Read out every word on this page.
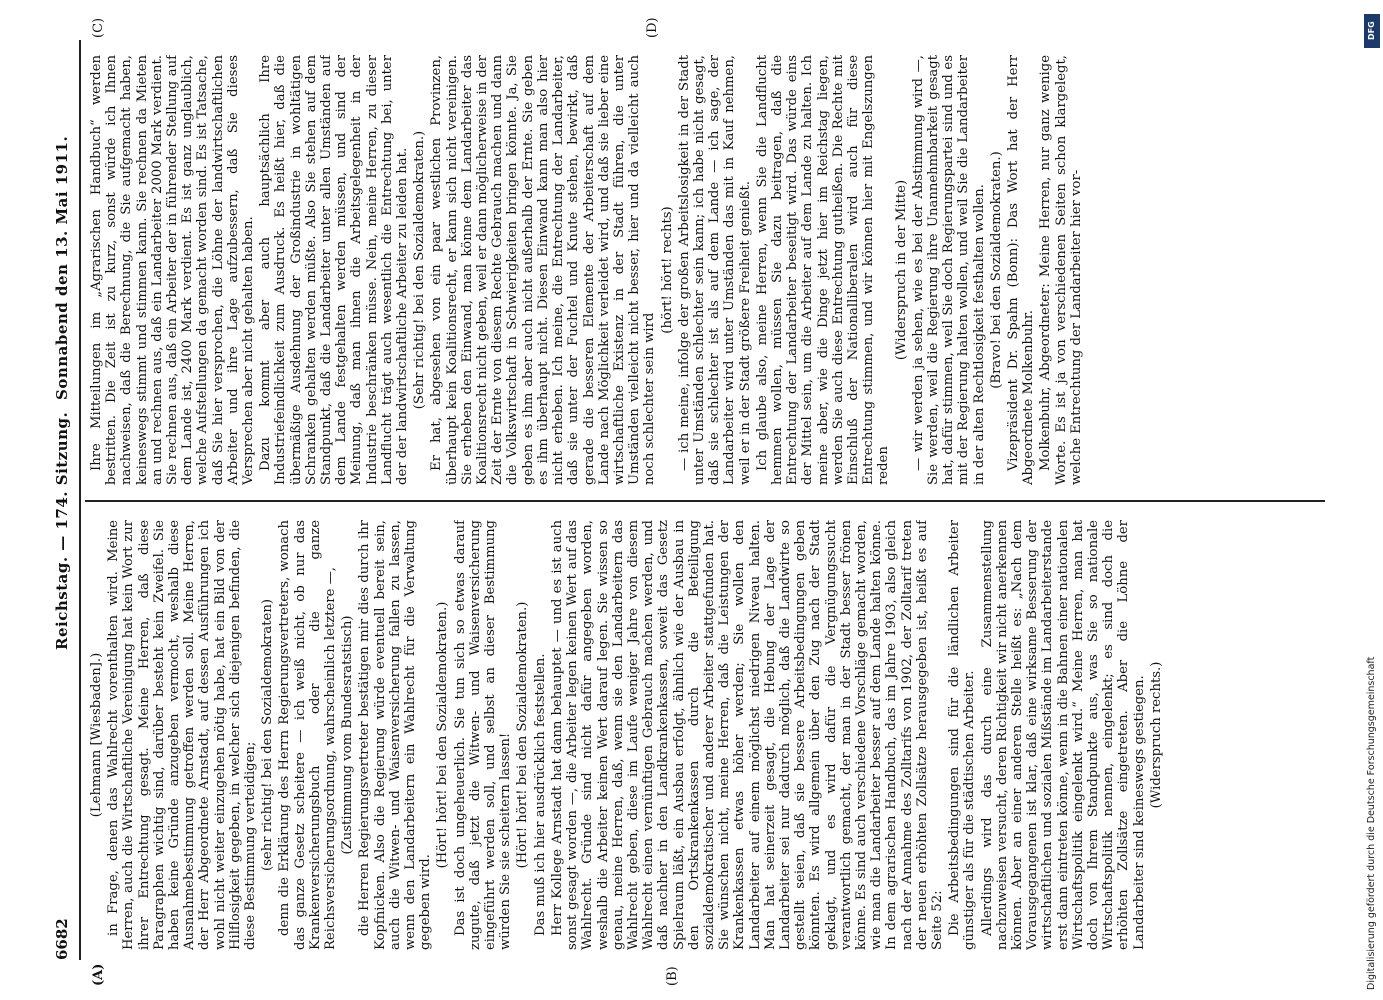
6682
Reichstag. — 174. Sitzung.
Sonnabend den 13. Mai 1911.
(A)	(B)
(C)	(D)

(Lehmann [Wiesbaden].) in Frage, denen das Wahlrecht vorenthalten wird. Meine Herren, auch die Wirtschaftliche Vereinigung hat kein Wort zur ihrer Entrechtung gesagt. Meine Herren, daß diese Paragraphen wichtig sind, darüber besteht kein Zweifel. Sie haben keine Gründe anzugeben vermocht, weshalb diese Ausnahmebestimmung getroffen werden soll. Meine Herren, der Herr Abgeordnete Arnstadt, auf dessen Ausführungen ich wohl nicht weiter einzugehen nötig habe, hat ein Bild von der Hilflosigkeit gegeben, in welcher sich diejenigen befinden, die diese Bestimmung verteidigen; (sehr richtig! bei den Sozialdemokraten) denn die Erklärung des Herrn Regierungsvertreters, wonach das ganze Gesetz scheitere — ich weiß nicht, ob nur das Krankenversicherungsbuch oder die ganze Reichsversicherungsordnung, wahrscheinlich letztere —, (Zustimmung vom Bundesratstisch) die Herren Regierungsvertreter bestätigen mir dies durch ihr Kopfnicken. Also die Regierung würde eventuell bereit sein, auch die Witwen- und Waisenversicherung fallen zu lassen, wenn den Landarbeitern ein Wahlrecht für die Verwaltung gegeben wird.

(Hört! hört! bei den Sozialdemokraten.) Das ist doch ungeheuerlich. Sie tun sich so etwas darauf zugute, daß jetzt die Witwen- und Waisenversicherung eingeführt werden soll, und selbst an dieser Bestimmung würden Sie sie scheitern lassen! (Hört! hört! bei den Sozialdemokraten.) Das muß ich hier ausdrücklich feststellen. Herr Kollege Arnstadt hat dann behauptet — und es ist auch sonst gesagt worden —, die Arbeiter legen keinen Wert auf das Wahlrecht. Gründe sind nicht dafür angegeben worden, weshalb die Arbeiter keinen Wert darauf legen. Sie wissen so genau, meine Herren, daß, wenn sie den Landarbeitern das Wahlrecht geben, diese im Laufe weniger Jahre von diesem Wahlrecht einen vernünftigen Gebrauch machen werden, und daß nachher in den Landkrankenkassen, soweit das Gesetz Spielraum läßt, ein Ausbau erfolgt, ähnlich wie der Ausbau in den Ortskrankenkassen durch die Beteiligung sozialdemokratischer und anderer Arbeiter stattgefunden hat. Sie wünschen nicht, meine Herren, daß die Leistungen der Krankenkassen etwas höher werden; Sie wollen den Landarbeiter auf einem möglichst niedrigen Niveau halten. Man hat seinerzeit gesagt, die Hebung der Lage der Landarbeiter sei nur dadurch möglich, daß die Landwirte so gestellt seien, daß sie bessere Arbeitsbedingungen geben könnten. Es wird allgemein über den Zug nach der Stadt geklagt, und es wird dafür die Vergnügungssucht verantwortlich gemacht, der man in der Stadt besser frönen könne. Es sind auch verschiedene Vorschläge gemacht worden, wie man die Landarbeiter besser auf dem Lande halten könne. In dem agrarischen Handbuch, das im Jahre 1903, also gleich nach der Annahme des Zolltarifs von 1902, der Zolltarif treten der neuen erhöhten Zollsätze herausgegeben ist, heißt es auf Seite 52: Die Arbeitsbedingungen sind für die ländlichen Arbeiter günstiger als für die städtischen Arbeiter. Allerdings wird das durch eine Zusammenstellung nachzuweisen versucht, deren Richtigkeit wir nicht anerkennen können. Aber an einer anderen Stelle heißt es: „Nach dem Vorausgegangenen ist klar, daß eine wirksame Besserung der wirtschaftlichen und sozialen Mißstände im Landarbeiterstande erst dann eintreten könne, wenn in die Bahnen einer nationalen Wirtschaftspolitik eingelenkt wird.“ Meine Herren, man hat doch von Ihrem Standpunkte aus, was Sie so nationale Wirtschaftspolitik nennen, eingelenkt; es sind doch die erhöhten Zollsätze eingetreten. Aber die Löhne der Landarbeiter sind keineswegs gestiegen. (Widerspruch rechts.)

Ihre Mitteilungen im „Agrarischen Handbuch“ werden bestritten. Die Zeit ist zu kurz, sonst würde ich Ihnen nachweisen, daß die Berechnung, die Sie aufgemacht haben, keineswegs stimmt und stimmen kann. Sie rechnen da Mieten an und rechnen aus, daß ein Landarbeiter 2000 Mark verdient. Sie rechnen aus, daß ein Arbeiter der in führender Stellung auf dem Lande ist, 2400 Mark verdient. Es ist ganz unglaublich, welche Aufstellungen da gemacht worden sind. Es ist Tatsache, daß Sie hier versprochen, die Löhne der landwirtschaftlichen Arbeiter und ihre Lage aufzubessern, daß Sie dieses Versprechen aber nicht gehalten haben. Dazu kommt aber auch hauptsächlich Ihre Industriefeindlichkeit zum Ausdruck. Es heißt hier, daß die übermäßige Ausdehnung der Großindustrie in wohltätigen Schranken gehalten werden müßte. Also Sie stehen auf dem Standpunkt, daß die Landarbeiter unter allen Umständen auf dem Lande festgehalten werden müssen, und sind der Meinung, daß man ihnen die Arbeitsgelegenheit in der Industrie beschränken müsse. Nein, meine Herren, zu dieser Landflucht trägt auch wesentlich die Entrechtung bei, unter der der landwirtschaftliche Arbeiter zu leiden hat. (Sehr richtig! bei den Sozialdemokraten.) Er hat, abgesehen von ein paar westlichen Provinzen, überhaupt kein Koalitionsrecht, er kann sich nicht vereinigen. Sie erheben den Einwand, man könne dem Landarbeiter das Koalitionsrecht nicht geben, weil er dann möglicherweise in der Zeit der Ernte von diesem Rechte Gebrauch machen und dann die Volkswirtschaft in Schwierigkeiten bringen könnte. Ja, Sie geben es ihm aber auch nicht außerhalb der Ernte. Sie geben es ihm überhaupt nicht. Diesen Einwand kann man also hier nicht erheben. Ich meine, die Entrechtung der Landarbeiter, daß sie unter der Fuchtel und Knute stehen, bewirkt, daß gerade die besseren Elemente der Arbeiterschaft auf dem Lande nach Möglichkeit verleidet wird, und daß sie lieber eine wirtschaftliche Existenz in der Stadt führen, die unter Umständen vielleicht nicht besser, hier und da vielleicht auch noch schlechter sein wird

(hört! hört! rechts) — ich meine, infolge der großen Arbeitslosigkeit in der Stadt unter Umständen schlechter sein kann; ich habe nicht gesagt, daß sie schlechter ist als auf dem Lande — ich sage, der Landarbeiter wird unter Umständen das mit in Kauf nehmen, weil er in der Stadt größere Freiheit genießt. Ich glaube also, meine Herren, wenn Sie die Landflucht hemmen wollen, müssen Sie dazu beitragen, daß die Entrechtung der Landarbeiter beseitigt wird. Das würde eins der Mittel sein, um die Arbeiter auf dem Lande zu halten. Ich meine aber, wie die Dinge jetzt hier im Reichstag liegen, werden Sie auch diese Entrechtung gutheißen. Die Rechte mit Einschluß der Nationalliberalen wird auch für diese Entrechtung stimmen, und wir können hier mit Engelszungen reden

(Widerspruch in der Mitte) — wir werden ja sehen, wie es bei der Abstimmung wird —, Sie werden, weil die Regierung ihre Unannehmbarkeit gesagt hat, dafür stimmen, weil Sie doch Regierungspartei sind und es mit der Regierung halten wollen, und weil Sie die Landarbeiter in der alten Rechtlosigkeit festhalten wollen. (Bravo! bei den Sozialdemokraten.) Vizepräsident Dr. Spahn (Bonn): Das Wort hat der Herr Abgeordnete Molkenbuhr. Molkenbuhr, Abgeordneter: Meine Herren, nur ganz wenige Worte. Es ist ja von verschiedenen Seiten schon klargelegt, welche Entrechtung der Landarbeiter hier vor-

Digitalisierung gefördert durch die Deutsche Forschungsgemeinschaft
DFG
